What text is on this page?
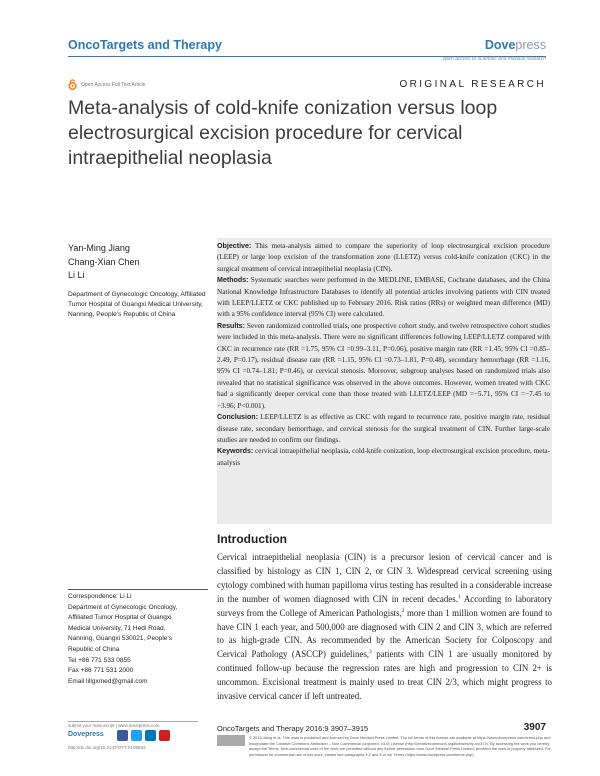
OncoTargets and Therapy	Dovepress
open access to scientific and medical research
Open Access Full Text Article	ORIGINAL RESEARCH
Meta-analysis of cold-knife conization versus loop electrosurgical excision procedure for cervical intraepithelial neoplasia
Yan-Ming Jiang
Chang-Xian Chen
Li Li
Department of Gynecologic Oncology, Affiliated Tumor Hospital of Guangxi Medical University, Nanning, People’s Republic of China
Objective: This meta-analysis aimed to compare the superiority of loop electrosurgical excision procedure (LEEP) or large loop excision of the transformation zone (LLETZ) versus cold-knife conization (CKC) in the surgical treatment of cervical intraepithelial neoplasia (CIN).
Methods: Systematic searches were performed in the MEDLINE, EMBASE, Cochrane databases, and the China National Knowledge Infrastructure Databases to identify all potential articles involving patients with CIN treated with LEEP/LLETZ or CKC published up to February 2016. Risk ratios (RRs) or weighted mean difference (MD) with a 95% confidence interval (95% CI) were calculated.
Results: Seven randomized controlled trials, one prospective cohort study, and twelve retrospective cohort studies were included in this meta-analysis. There were no significant differences following LEEP/LLETZ compared with CKC in recurrence rate (RR =1.75, 95% CI =0.99–3.11, P=0.06), positive margin rate (RR =1.45; 95% CI =0.85–2.49, P=0.17), residual disease rate (RR =1.15, 95% CI =0.73–1.81, P=0.48), secondary hemorrhage (RR =1.16, 95% CI =0.74–1.81; P=0.46), or cervical stenosis. Moreover, subgroup analyses based on randomized trials also revealed that no statistical significance was observed in the above outcomes. However, women treated with CKC had a significantly deeper cervical cone than those treated with LLETZ/LEEP (MD =−5.71, 95% CI =−7.45 to −3.96; P<0.001).
Conclusion: LEEP/LLETZ is as effective as CKC with regard to recurrence rate, positive margin rate, residual disease rate, secondary hemorrhage, and cervical stenosis for the surgical treatment of CIN. Further large-scale studies are needed to confirm our findings.
Keywords: cervical intraepithelial neoplasia, cold-knife conization, loop electrosurgical excision procedure, meta-analysis
Introduction
Cervical intraepithelial neoplasia (CIN) is a precursor lesion of cervical cancer and is classified by histology as CIN 1, CIN 2, or CIN 3. Widespread cervical screening using cytology combined with human papilloma virus testing has resulted in a considerable increase in the number of women diagnosed with CIN in recent decades.$^1$ According to laboratory surveys from the College of American Pathologists,$^2$ more than 1 million women are found to have CIN 1 each year, and 500,000 are diagnosed with CIN 2 and CIN 3, which are referred to as high-grade CIN. As recommended by the American Society for Colposcopy and Cervical Pathology (ASCCP) guidelines,$^3$ patients with CIN 1 are usually monitored by continued follow-up because the regression rates are high and progression to CIN 2+ is uncommon. Excisional treatment is mainly used to treat CIN 2/3, which might progress to invasive cervical cancer if left untreated.
Correspondence: Li Li
Department of Gynecologic Oncology,
Affiliated Tumor Hospital of Guangxi
Medical University, 71 Hedi Road,
Nanning, Guangxi 530021, People’s
Republic of China
Tel +86 771 533 0855
Fax +86 771 531 2000
Email lillgxmed@gmail.com
submit your manuscript | www.dovepress.com
Dovepress
http://dx.doi.org/10.2147/OTT.S108833
OncoTargets and Therapy 2016:9 3907–3915	3907
© 2016 Jiang et al. This work is published and licensed by Dove Medical Press Limited. The full terms of this license are available at https://www.dovepress.com/terms.php and incorporate the Creative Commons Attribution – Non Commercial (unported, v3.0) License (http://creativecommons.org/licenses/by-nc/3.0/). By accessing the work you hereby accept the Terms. Non-commercial uses of the work are permitted without any further permission from Dove Medical Press Limited, provided the work is properly attributed. For permission for commercial use of this work, please see paragraphs 4.2 and 5 of our Terms (https://www.dovepress.com/terms.php).
